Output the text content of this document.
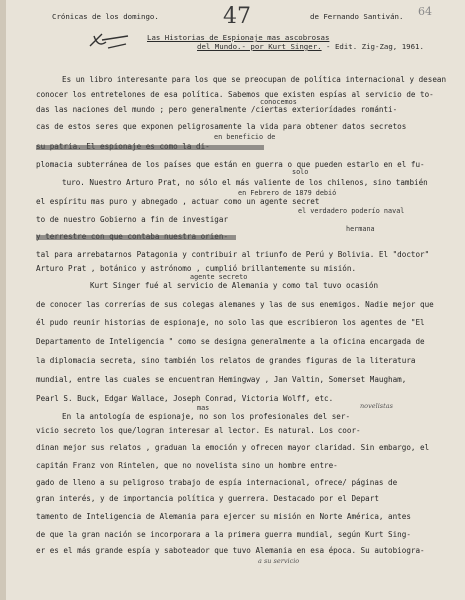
Crónicas de los domingo.	47	de Fernando Santiván. 64
Las Historias de Espionaje mas ascobrosas
del Mundo.- por Kurt Singer. - Edit. Zig-Zag, 1961.
Es un libro interesante para los que se preocupan de política internacional y desean
conocer los entretelones de esa política. Sabemos que existen espías al servicio de to-
das las naciones del mundo ; pero generalmente /ciertas exteriorídades románti-
conocemos
cas de estos seres que exponen peligrosamente la vida para obtener datos secretos
en beneficio de
plomacia subterránea de los países que están en guerra o que pueden estarlo en el fu-
turo. Nuestro Arturo Prat, no sólo el más valiente de los chilenos, sino también
solo
en Febrero de 1879 debió
el espíritu mas puro y abnegado , actuar como un agente secret
el verdadero poderío naval
to de nuestro Gobierno a fin de investigar
hermana
tal para arrebatarnos Patagonia y contribuir al triunfo de Perú y Bolivia. El "doctor"
Arturo Prat , botánico y astrónomo , cumplió brillantemente su misión.
agente secreto
Kurt Singer fué al servicio de Alemania y como tal tuvo ocasión
de conocer las correrías de sus colegas alemanes y las de sus enemigos. Nadie mejor que
él pudo reunir historias de espionaje, no solo las que escribieron los agentes de "El
Departamento de Inteligencia " como se designa generalmente a la oficina encargada de
la diplomacia secreta, sino también los relatos de grandes figuras de la literatura
mundial, entre las cuales se encuentran Hemingway , Jan Valtin, Somerset Maugham,
Pearl S. Buck, Edgar Wallace, Joseph Conrad, Victoria Wolff, etc.
En la antología de espionaje, no son los profesionales del ser-
mas	novelistas
vicio secreto los que/logran interesar al lector. Es natural. Los coor-
dinan mejor sus relatos , graduan la emoción y ofrecen mayor claridad. Sin embargo, el
capitán Franz von Rintelen, que no novelista sino un hombre entre-
gado de lleno a su peligroso trabajo de espía internacional, ofrece/ páginas de
gran interés, y de importancia política y guerrera. Destacado por el Depart
tamento de Inteligencia de Alemania para ejercer su misión en Norte América, antes
de que la gran nación se incorporara a la primera guerra mundial, según Kurt Sing-
er es el más grande espía y saboteador que tuvo Alemania en esa época. Su autobiogra-
a su servicio
